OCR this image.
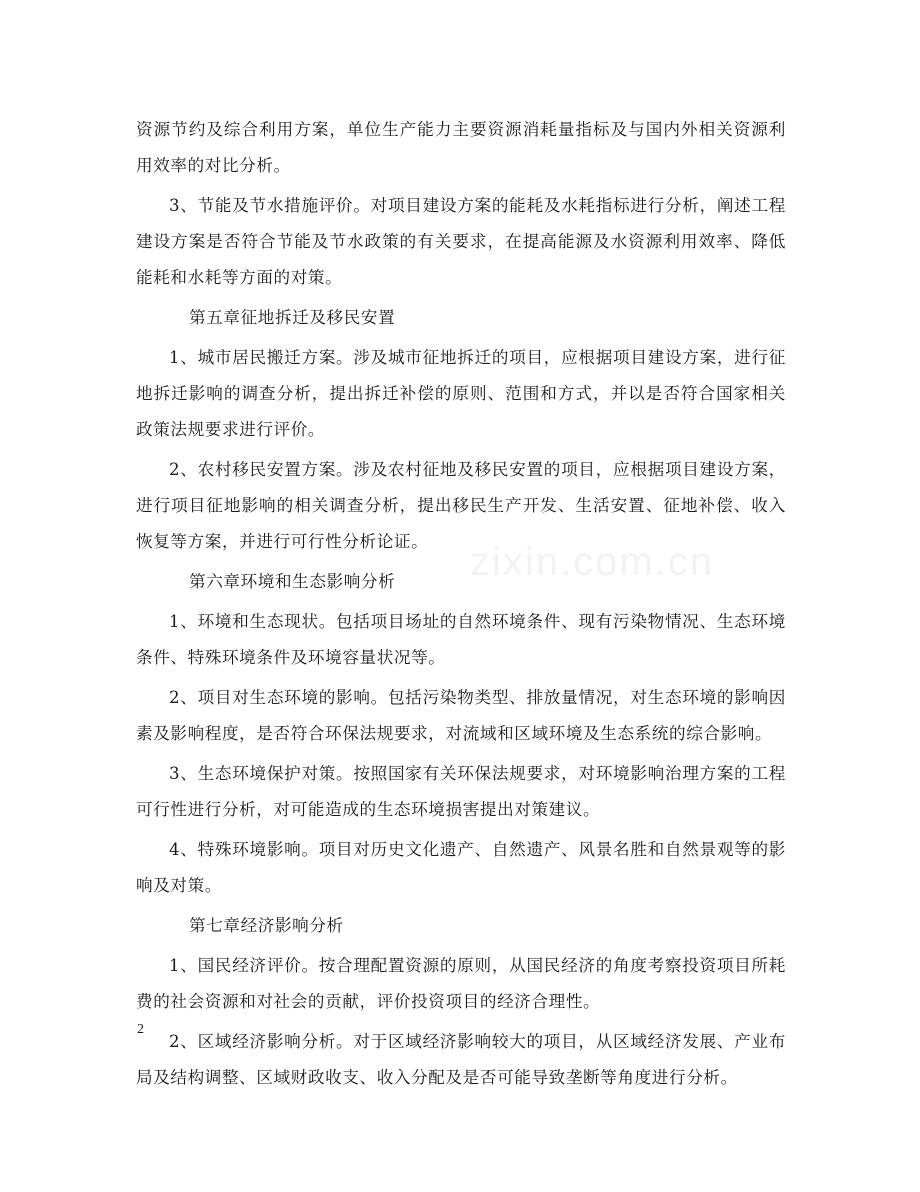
资源节约及综合利用方案，单位生产能力主要资源消耗量指标及与国内外相关资源利用效率的对比分析。

3、节能及节水措施评价。对项目建设方案的能耗及水耗指标进行分析，阐述工程建设方案是否符合节能及节水政策的有关要求，在提高能源及水资源利用效率、降低能耗和水耗等方面的对策。

第五章征地拆迁及移民安置

1、城市居民搬迁方案。涉及城市征地拆迁的项目，应根据项目建设方案，进行征地拆迁影响的调查分析，提出拆迁补偿的原则、范围和方式，并以是否符合国家相关政策法规要求进行评价。

2、农村移民安置方案。涉及农村征地及移民安置的项目，应根据项目建设方案，进行项目征地影响的相关调查分析，提出移民生产开发、生活安置、征地补偿、收入恢复等方案，并进行可行性分析论证。

第六章环境和生态影响分析

1、环境和生态现状。包括项目场址的自然环境条件、现有污染物情况、生态环境条件、特殊环境条件及环境容量状况等。

2、项目对生态环境的影响。包括污染物类型、排放量情况，对生态环境的影响因素及影响程度，是否符合环保法规要求，对流域和区域环境及生态系统的综合影响。

3、生态环境保护对策。按照国家有关环保法规要求，对环境影响治理方案的工程可行性进行分析，对可能造成的生态环境损害提出对策建议。

4、特殊环境影响。项目对历史文化遗产、自然遗产、风景名胜和自然景观等的影响及对策。

第七章经济影响分析

1、国民经济评价。按合理配置资源的原则，从国民经济的角度考察投资项目所耗费的社会资源和对社会的贡献，评价投资项目的经济合理性。

2、区域经济影响分析。对于区域经济影响较大的项目，从区域经济发展、产业布局及结构调整、区域财政收支、收入分配及是否可能导致垄断等角度进行分析。

zixin.com.cn
2
